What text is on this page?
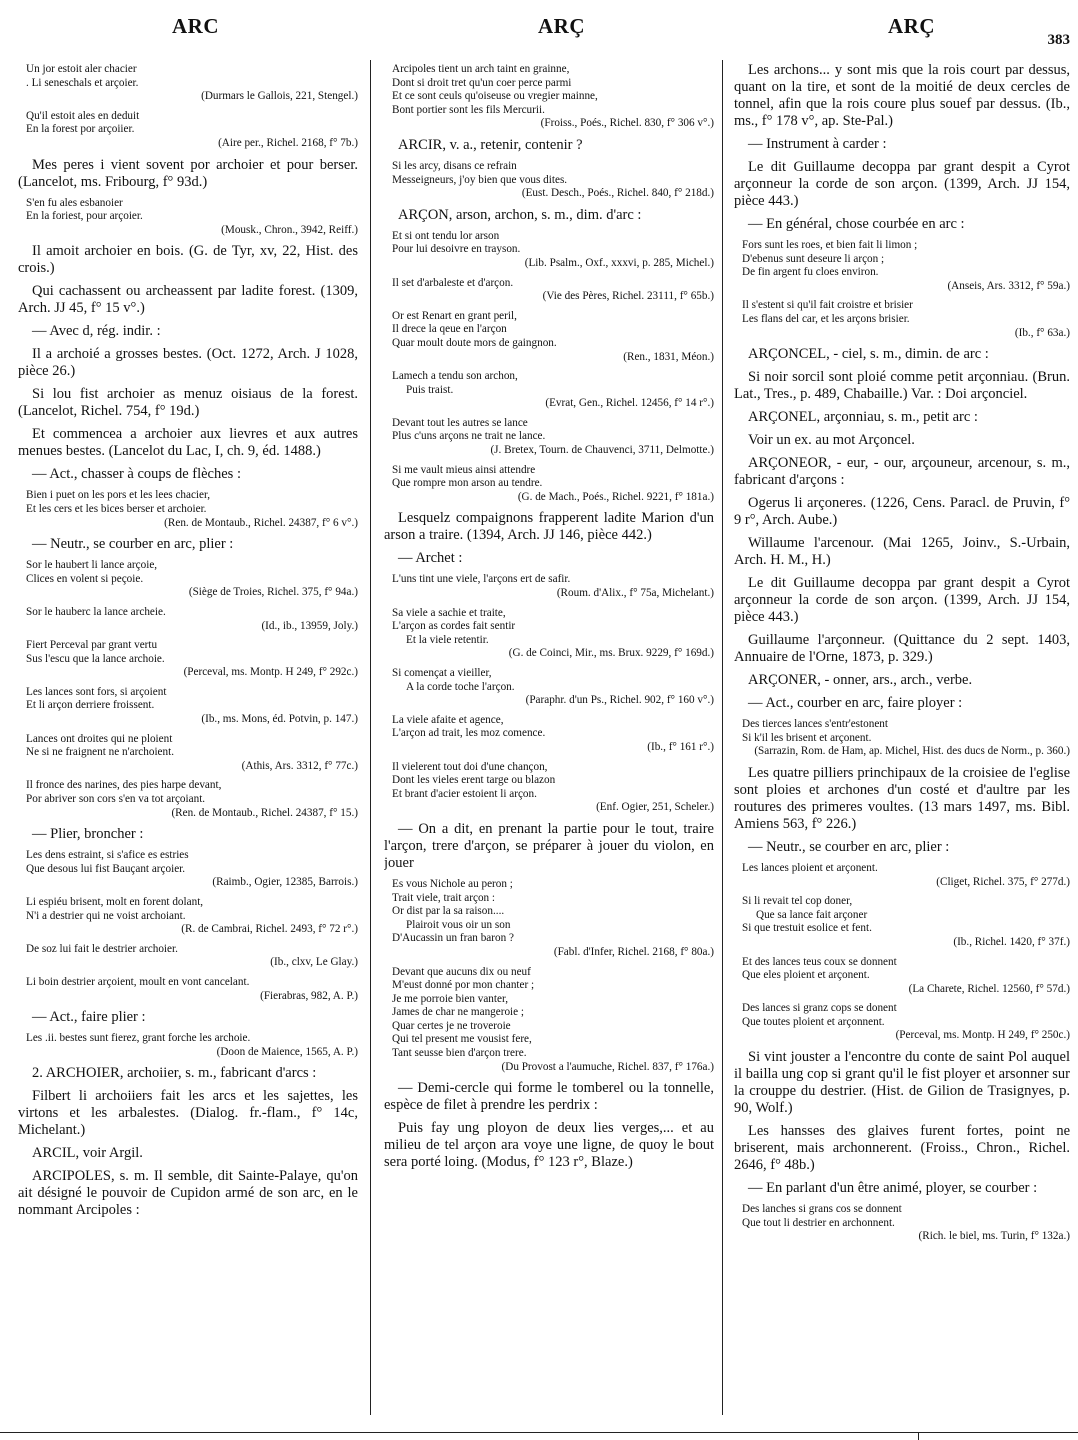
ARC	ARÇ	ARÇ
383
Un jor estoit aler chacier
. Li seneschals et arçoier.
(Durmars le Gallois, 221, Stengel.)
Qu'il estoit ales en deduit
En la forest por arçoiier.
(Aire per., Richel. 2168, f° 7b.)
Mes peres i vient sovent por archoier et pour berser. (Lancelot, ms. Fribourg, f° 93d.)
S'en fu ales esbanoier
En la foriest, pour arçoier.
(Mousk., Chron., 3942, Reiff.)
Il amoit archoier en bois. (G. de Tyr, xv, 22, Hist. des crois.)
Qui cachassent ou archeassent par ladite forest. (1309, Arch. JJ 45, f° 15 v°.)
— Avec d, rég. indir. :
Il a archoié a grosses bestes. (Oct. 1272, Arch. J 1028, pièce 26.)
Si lou fist archoier as menuz oisiaus de la forest. (Lancelot, Richel. 754, f° 19d.)
Et commencea a archoier aux lievres et aux autres menues bestes. (Lancelot du Lac, I, ch. 9, éd. 1488.)
— Act., chasser à coups de flèches :
Bien i puet on les pors et les lees chacier,
Et les cers et les bices berser et archoier.
(Ren. de Montaub., Richel. 24387, f° 6 v°.)
— Neutr., se courber en arc, plier :
Sor le haubert li lance arçoie,
Clices en volent si peçoie.
(Siège de Troies, Richel. 375, f° 94a.)
Sor le hauberc la lance archeie.
(Id., ib., 13959, Joly.)
Fiert Perceval par grant vertu
Sus l'escu que la lance archoie.
(Perceval, ms. Montp. H 249, f° 292c.)
Les lances sont fors, si arçoient
Et li arçon derriere froissent.
(Ib., ms. Mons, éd. Potvin, p. 147.)
Lances ont droites qui ne ploient
Ne si ne fraignent ne n'archoient.
(Athis, Ars. 3312, f° 77c.)
Il fronce des narines, des pies harpe devant,
Por abriver son cors s'en va tot arçoiant.
(Ren. de Montaub., Richel. 24387, f° 15.)
— Plier, broncher :
Les dens estraint, si s'afice es estries
Que desous lui fist Bauçant arçoier.
(Raimb., Ogier, 12385, Barrois.)
Li espiéu brisent, molt en forent dolant,
N'i a destrier qui ne voist archoiant.
(R. de Cambrai, Richel. 2493, f° 72 r°.)
De soz lui fait le destrier archoier.
(Ib., clxv, Le Glay.)
Li boin destrier arçoient, moult en vont cancelant.
(Fierabras, 982, A. P.)
— Act., faire plier :
Les .ii. bestes sunt fierez, grant forche les archoie.
(Doon de Maience, 1565, A. P.)
2. ARCHOIER, archoiier, s. m., fabricant d'arcs :
Filbert li archoiiers fait les arcs et les sajettes, les virtons et les arbalestes. (Dialog. fr.-flam., f° 14c, Michelant.)
ARCIL, voir Argil.
ARCIPOLES, s. m. Il semble, dit Sainte-Palaye, qu'on ait désigné le pouvoir de Cupidon armé de son arc, en le nommant Arcipoles :
Arcipoles tient un arch taint en grainne,
Dont si droit tret qu'un coer perce parmi
Et ce sont ceuls qu'oiseuse ou vregier mainne,
Bont portier sont les fils Mercurii.
(Froiss., Poés., Richel. 830, f° 306 v°.)
ARCIR, v. a., retenir, contenir ?
Si les arcy, disans ce refrain
Messeigneurs, j'oy bien que vous dites.
(Eust. Desch., Poés., Richel. 840, f° 218d.)
ARÇON, arson, archon, s. m., dim. d'arc :
Et si ont tendu lor arson
Pour lui desoivre en trayson.
(Lib. Psalm., Oxf., xxxvi, p. 285, Michel.)
Il set d'arbaleste et d'arçon.
(Vie des Pères, Richel. 23111, f° 65b.)
Or est Renart en grant peril,
Il drece la qeue en l'arçon
Quar moult doute mors de gaingnon.
(Ren., 1831, Méon.)
Lamech a tendu son archon,
Puis traist.
(Evrat, Gen., Richel. 12456, f° 14 r°.)
Devant tout les autres se lance
Plus c'uns arçons ne trait ne lance.
(J. Bretex, Tourn. de Chauvenci, 3711, Delmotte.)
Si me vault mieus ainsi attendre
Que rompre mon arson au tendre.
(G. de Mach., Poés., Richel. 9221, f° 181a.)
Lesquelz compaignons frapperent ladite Marion d'un arson a traire. (1394, Arch. JJ 146, pièce 442.)
— Archet :
L'uns tint une viele, l'arçons ert de safir.
(Roum. d'Alix., f° 75a, Michelant.)
Sa viele a sachie et traite,
L'arçon as cordes fait sentir
Et la viele retentir.
(G. de Coinci, Mir., ms. Brux. 9229, f° 169d.)
Si començat a vieiller,
A la corde toche l'arçon.
(Paraphr. d'un Ps., Richel. 902, f° 160 v°.)
La viele afaite et agence,
L'arçon ad trait, les moz comence.
(Ib., f° 161 r°.)
Il vielerent tout doi d'une chançon,
Dont les vieles erent targe ou blazon
Et brant d'acier estoient li arçon.
(Enf. Ogier, 251, Scheler.)
— On a dit, en prenant la partie pour le tout, traire l'arçon, trere d'arçon, se préparer à jouer du violon, en jouer
Es vous Nichole au peron ;
Trait viele, trait arçon :
Or dist par la sa raison....
Plairoit vous oir un son
D'Aucassin un fran baron ?
(Fabl. d'Infer, Richel. 2168, f° 80a.)
Devant que aucuns dix ou neuf
M'eust donné por mon chanter ;
Je me porroie bien vanter,
James de char ne mangeroie ;
Quar certes je ne troveroie
Qui tel present me vousist fere,
Tant seusse bien d'arçon trere.
(Du Provost a l'aumuche, Richel. 837, f° 176a.)
— Demi-cercle qui forme le tomberel ou la tonnelle, espèce de filet à prendre les perdrix :
Puis fay ung ployon de deux lies verges,... et au milieu de tel arçon ara voye une ligne, de quoy le bout sera porté loing. (Modus, f° 123 r°, Blaze.)
Les archons... y sont mis que la rois court par dessus, quant on la tire, et sont de la moitié de deux cercles de tonnel, afin que la rois coure plus souef par dessus. (Ib., ms., f° 178 v°, ap. Ste-Pal.)
— Instrument à carder :
Le dit Guillaume decoppa par grant despit a Cyrot arçonneur la corde de son arçon. (1399, Arch. JJ 154, pièce 443.)
— En général, chose courbée en arc :
Fors sunt les roes, et bien fait li limon ;
D'ebenus sunt deseure li arçon ;
De fin argent fu cloes environ.
(Anseis, Ars. 3312, f° 59a.)
Il s'estent si qu'il fait croistre et brisier
Les flans del car, et les arçons brisier.
(Ib., f° 63a.)
ARÇONCEL, - ciel, s. m., dimin. de arc :
Si noir sorcil sont ploié comme petit arçonniau. (Brun. Lat., Tres., p. 489, Chabaille.) Var. : Doi arçonciel.
ARÇONEL, arçonniau, s. m., petit arc :
Voir un ex. au mot Arçoncel.
ARÇONEOR, - eur, - our, arçouneur, arcenour, s. m., fabricant d'arçons :
Ogerus li arçoneres. (1226, Cens. Paracl. de Pruvin, f° 9 r°, Arch. Aube.)
Willaume l'arcenour. (Mai 1265, Joinv., S.-Urbain, Arch. H. M., H.)
Le dit Guillaume decoppa par grant despit a Cyrot arçonneur la corde de son arçon. (1399, Arch. JJ 154, pièce 443.)
Guillaume l'arçonneur. (Quittance du 2 sept. 1403, Annuaire de l'Orne, 1873, p. 329.)
ARÇONER, - onner, ars., arch., verbe.
— Act., courber en arc, faire ployer :
Des tierces lances s'entr'estonent
Si k'il les brisent et arçonent.
(Sarrazin, Rom. de Ham, ap. Michel, Hist. des ducs de Norm., p. 360.)
Les quatre pilliers princhipaux de la croisiee de l'eglise sont ploies et archones d'un costé et d'aultre par les routures des primeres voultes. (13 mars 1497, ms. Bibl. Amiens 563, f° 226.)
— Neutr., se courber en arc, plier :
Les lances ploient et arçonent.
(Cliget, Richel. 375, f° 277d.)
Si li revait tel cop doner,
Que sa lance fait arçoner
Si que trestuit esolice et fent.
(Ib., Richel. 1420, f° 37f.)
Et des lances teus coux se donnent
Que eles ploient et arçonent.
(La Charete, Richel. 12560, f° 57d.)
Des lances si granz cops se donent
Que toutes ploient et arçonnent.
(Perceval, ms. Montp. H 249, f° 250c.)
Si vint jouster a l'encontre du conte de saint Pol auquel il bailla ung cop si grant qu'il le fist ployer et arsonner sur la crouppe du destrier. (Hist. de Gilion de Trasignyes, p. 90, Wolf.)
Les hansses des glaives furent fortes, point ne briserent, mais archonnerent. (Froiss., Chron., Richel. 2646, f° 48b.)
— En parlant d'un être animé, ployer, se courber :
Des lanches si grans cos se donnent
Que tout li destrier en archonnent.
(Rich. le biel, ms. Turin, f° 132a.)
